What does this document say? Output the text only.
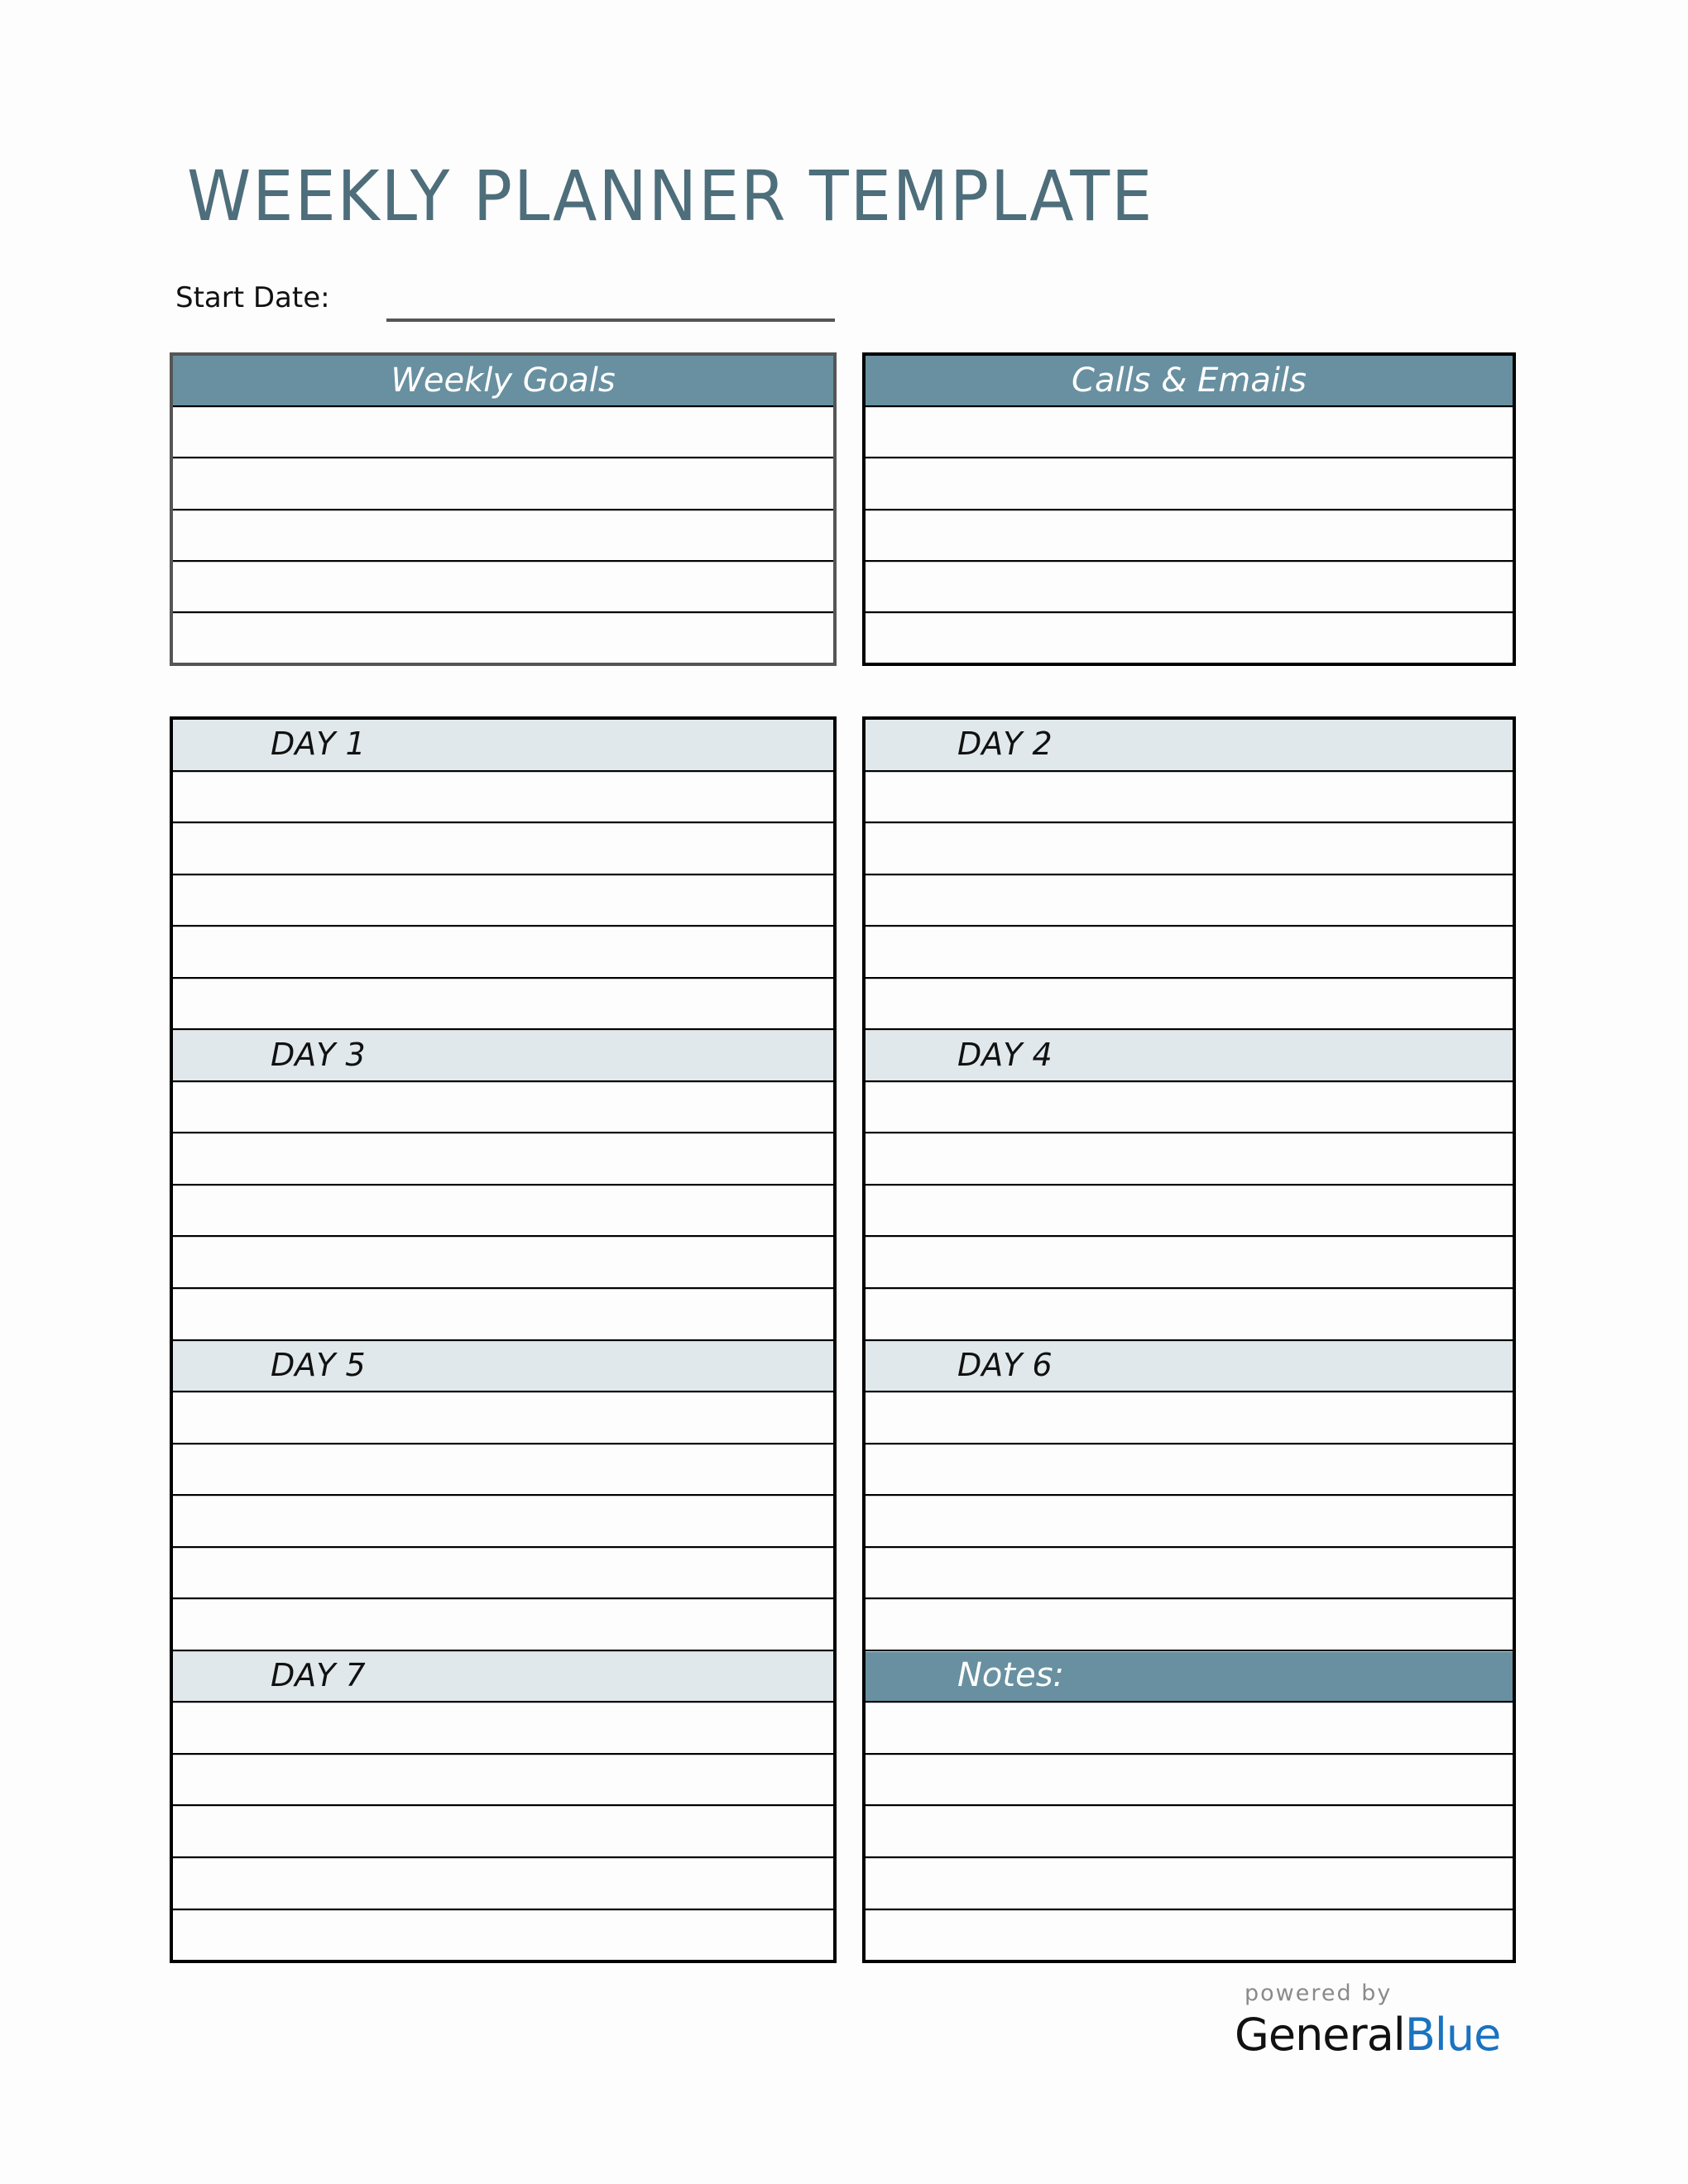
WEEKLY PLANNER TEMPLATE
Start Date:
Weekly Goals	Calls & Emails
DAY 1
DAY 3
DAY 5
DAY 7
DAY 2
DAY 4
DAY 6
Notes:
powered by
GeneralBlue
